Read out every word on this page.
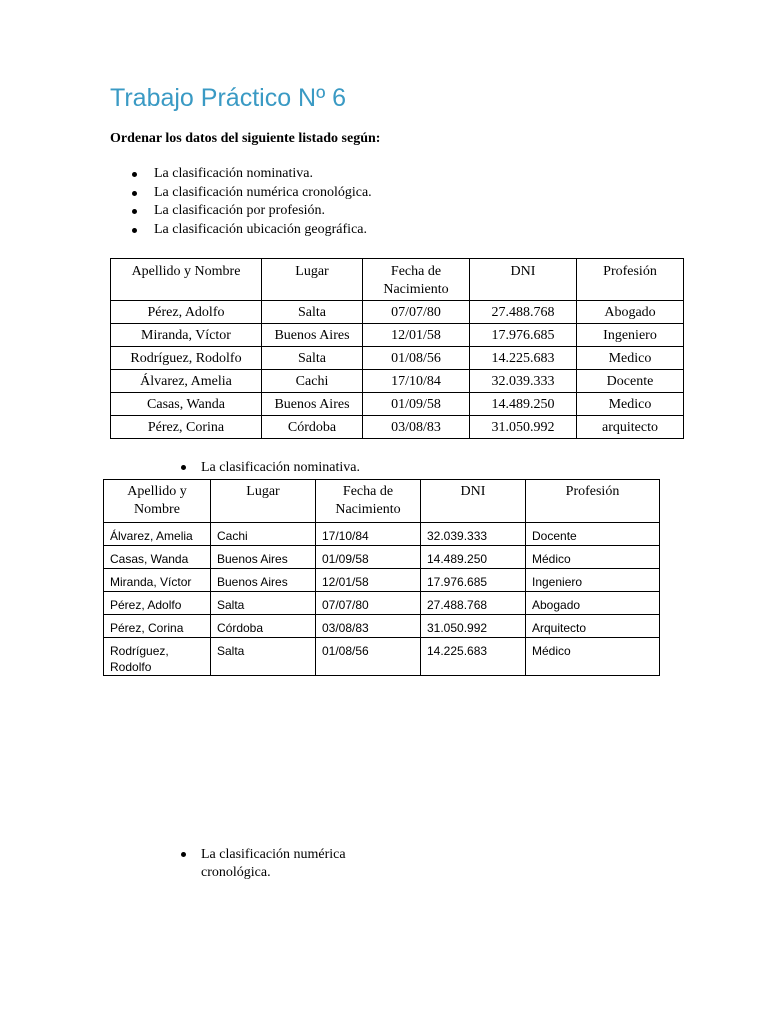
Trabajo Práctico Nº 6
Ordenar los datos del siguiente listado según:
La clasificación nominativa.
La clasificación numérica cronológica.
La clasificación por profesión.
La clasificación ubicación geográfica.
Apellido y Nombre	Lugar	Fecha de Nacimiento	DNI	Profesión
Pérez, Adolfo	Salta	07/07/80	27.488.768	Abogado
Miranda, Víctor	Buenos Aires	12/01/58	17.976.685	Ingeniero
Rodríguez, Rodolfo	Salta	01/08/56	14.225.683	Medico
Álvarez, Amelia	Cachi	17/10/84	32.039.333	Docente
Casas, Wanda	Buenos Aires	01/09/58	14.489.250	Medico
Pérez, Corina	Córdoba	03/08/83	31.050.992	arquitecto
La clasificación nominativa.
Apellido y Nombre	Lugar	Fecha de Nacimiento	DNI	Profesión
Álvarez, Amelia	Cachi	17/10/84	32.039.333	Docente
Casas, Wanda	Buenos Aires	01/09/58	14.489.250	Médico
Miranda, Víctor	Buenos Aires	12/01/58	17.976.685	Ingeniero
Pérez, Adolfo	Salta	07/07/80	27.488.768	Abogado
Pérez, Corina	Córdoba	03/08/83	31.050.992	Arquitecto
Rodríguez, Rodolfo	Salta	01/08/56	14.225.683	Médico
La clasificación numérica cronológica.
